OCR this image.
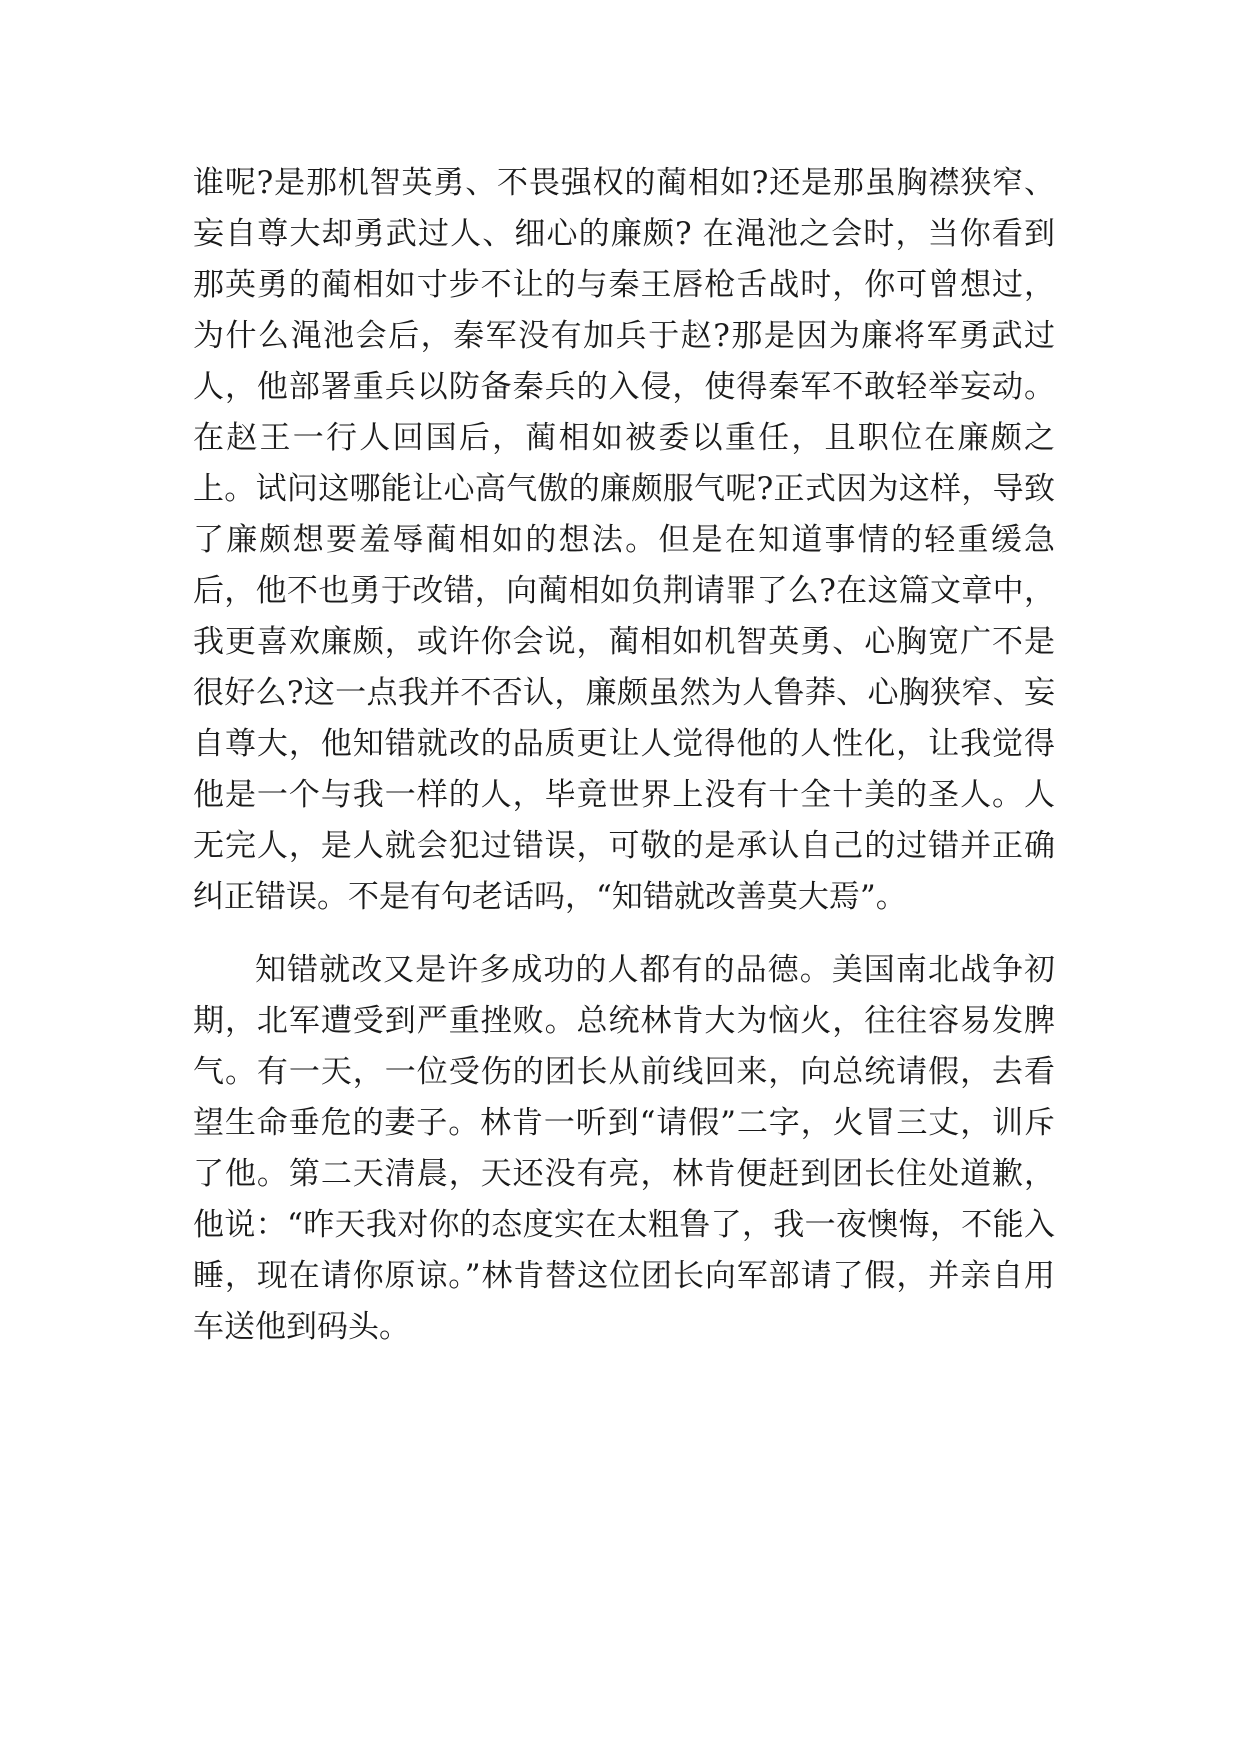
谁呢?是那机智英勇、不畏强权的蔺相如?还是那虽胸襟狭窄、妄自尊大却勇武过人、细心的廉颇? 在渑池之会时，当你看到那英勇的蔺相如寸步不让的与秦王唇枪舌战时，你可曾想过，为什么渑池会后，秦军没有加兵于赵?那是因为廉将军勇武过人，他部署重兵以防备秦兵的入侵，使得秦军不敢轻举妄动。在赵王一行人回国后，蔺相如被委以重任，且职位在廉颇之上。试问这哪能让心高气傲的廉颇服气呢?正式因为这样，导致了廉颇想要羞辱蔺相如的想法。但是在知道事情的轻重缓急后，他不也勇于改错，向蔺相如负荆请罪了么?在这篇文章中，我更喜欢廉颇，或许你会说，蔺相如机智英勇、心胸宽广不是很好么?这一点我并不否认，廉颇虽然为人鲁莽、心胸狭窄、妄自尊大，他知错就改的品质更让人觉得他的人性化，让我觉得他是一个与我一样的人，毕竟世界上没有十全十美的圣人。人无完人，是人就会犯过错误，可敬的是承认自己的过错并正确纠正错误。不是有句老话吗，“知错就改善莫大焉”。

知错就改又是许多成功的人都有的品德。美国南北战争初期，北军遭受到严重挫败。总统林肯大为恼火，往往容易发脾气。有一天，一位受伤的团长从前线回来，向总统请假，去看望生命垂危的妻子。林肯一听到“请假”二字，火冒三丈，训斥了他。第二天清晨，天还没有亮，林肯便赶到团长住处道歉，他说：“昨天我对你的态度实在太粗鲁了，我一夜懊悔，不能入睡，现在请你原谅。”林肯替这位团长向军部请了假，并亲自用车送他到码头。
